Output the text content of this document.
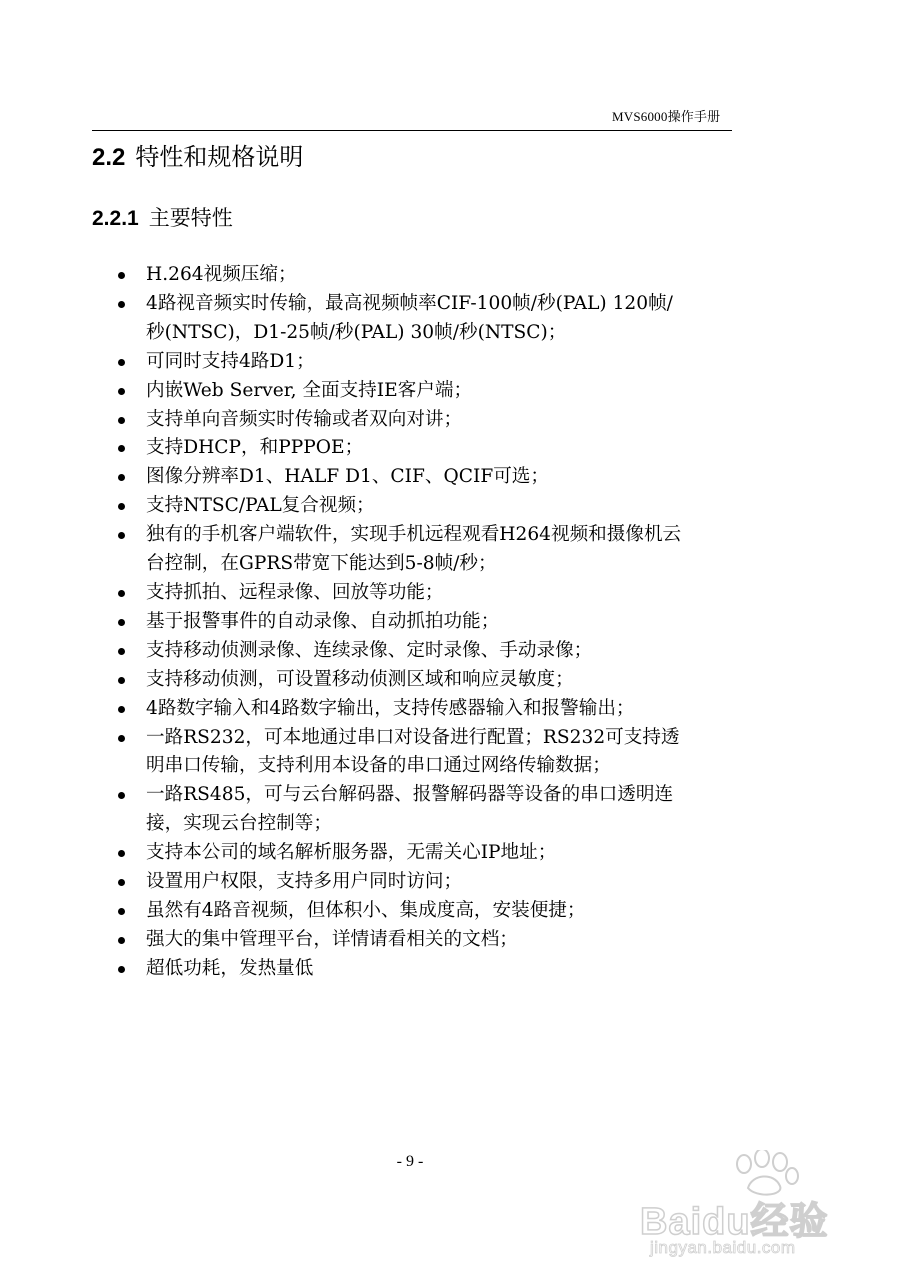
MVS6000操作手册
2.2 特性和规格说明
2.2.1 主要特性
H.264视频压缩；
4路视音频实时传输，最高视频帧率CIF-100帧/秒(PAL) 120帧/
秒(NTSC)，D1-25帧/秒(PAL) 30帧/秒(NTSC)；
可同时支持4路D1；
内嵌Web Server, 全面支持IE客户端；
支持单向音频实时传输或者双向对讲；
支持DHCP，和PPPOE；
图像分辨率D1、HALF D1、CIF、QCIF可选；
支持NTSC/PAL复合视频；
独有的手机客户端软件，实现手机远程观看H264视频和摄像机云
台控制，在GPRS带宽下能达到5-8帧/秒；
支持抓拍、远程录像、回放等功能；
基于报警事件的自动录像、自动抓拍功能；
支持移动侦测录像、连续录像、定时录像、手动录像；
支持移动侦测，可设置移动侦测区域和响应灵敏度；
4路数字输入和4路数字输出，支持传感器输入和报警输出；
一路RS232，可本地通过串口对设备进行配置；RS232可支持透
明串口传输，支持利用本设备的串口通过网络传输数据；
一路RS485，可与云台解码器、报警解码器等设备的串口透明连
接，实现云台控制等；
支持本公司的域名解析服务器，无需关心IP地址；
设置用户权限，支持多用户同时访问；
虽然有4路音视频，但体积小、集成度高，安装便捷；
强大的集中管理平台，详情请看相关的文档；
超低功耗，发热量低
- 9 -
Baidu经验
jingyan.baidu.com
